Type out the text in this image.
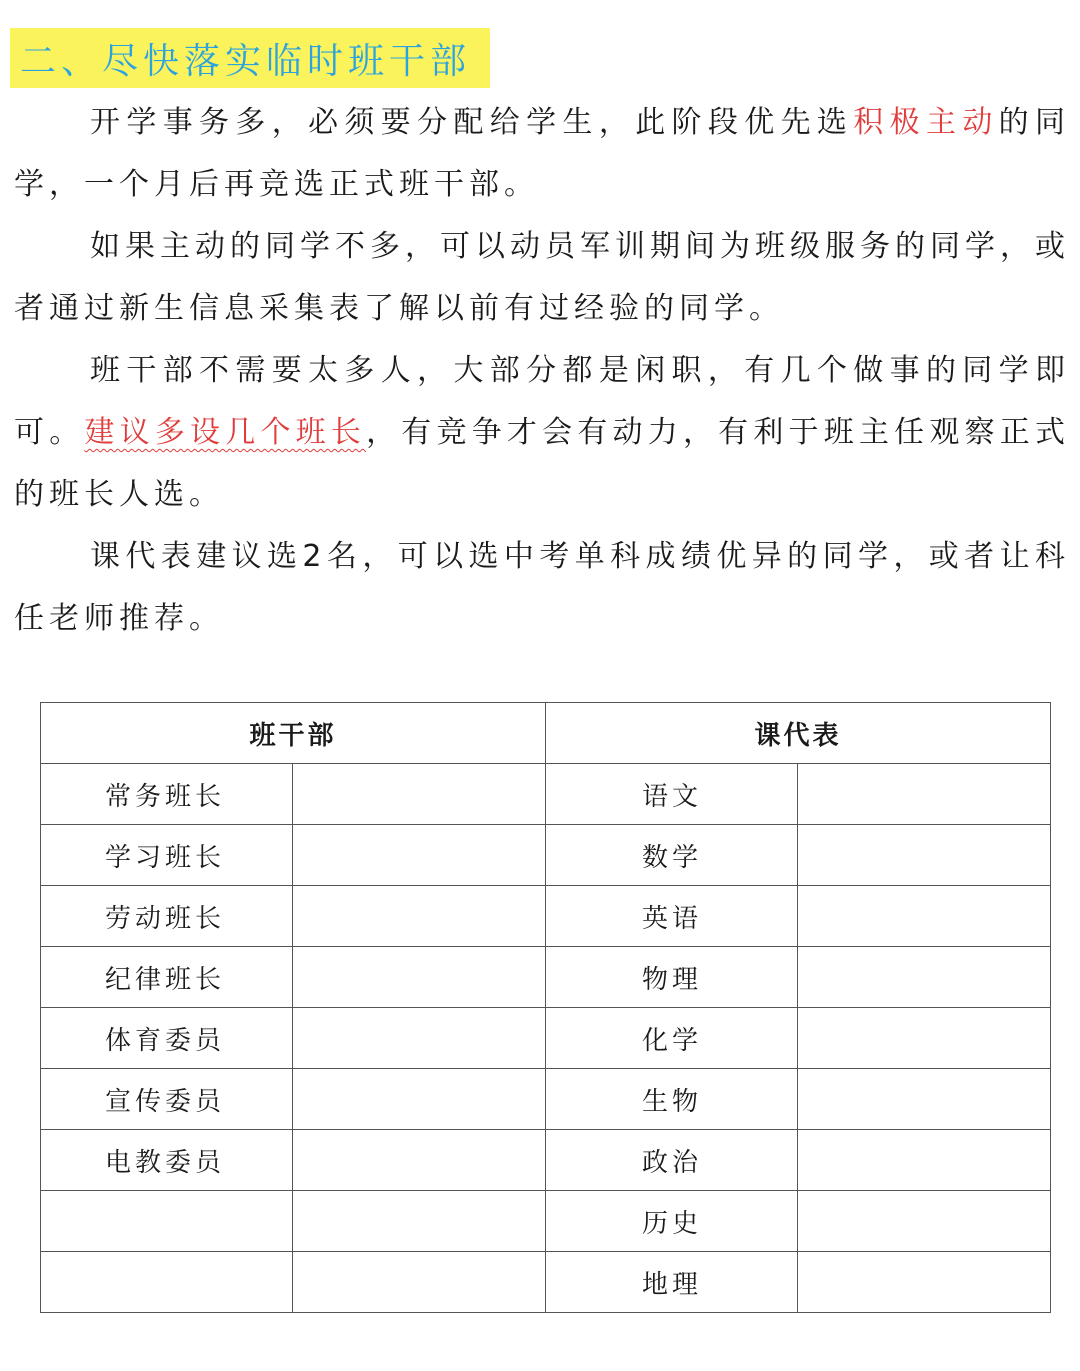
二、尽快落实临时班干部

开学事务多，必须要分配给学生，此阶段优先选积极主动的同学，一个月后再竞选正式班干部。

如果主动的同学不多，可以动员军训期间为班级服务的同学，或者通过新生信息采集表了解以前有过经验的同学。

班干部不需要太多人，大部分都是闲职，有几个做事的同学即可。建议多设几个班长，有竞争才会有动力，有利于班主任观察正式的班长人选。

课代表建议选2名，可以选中考单科成绩优异的同学，或者让科任老师推荐。

班干部		课代表	
常务班长		语文	
学习班长		数学	
劳动班长		英语	
纪律班长		物理	
体育委员		化学	
宣传委员		生物	
电教委员		政治	
		历史	
		地理	
